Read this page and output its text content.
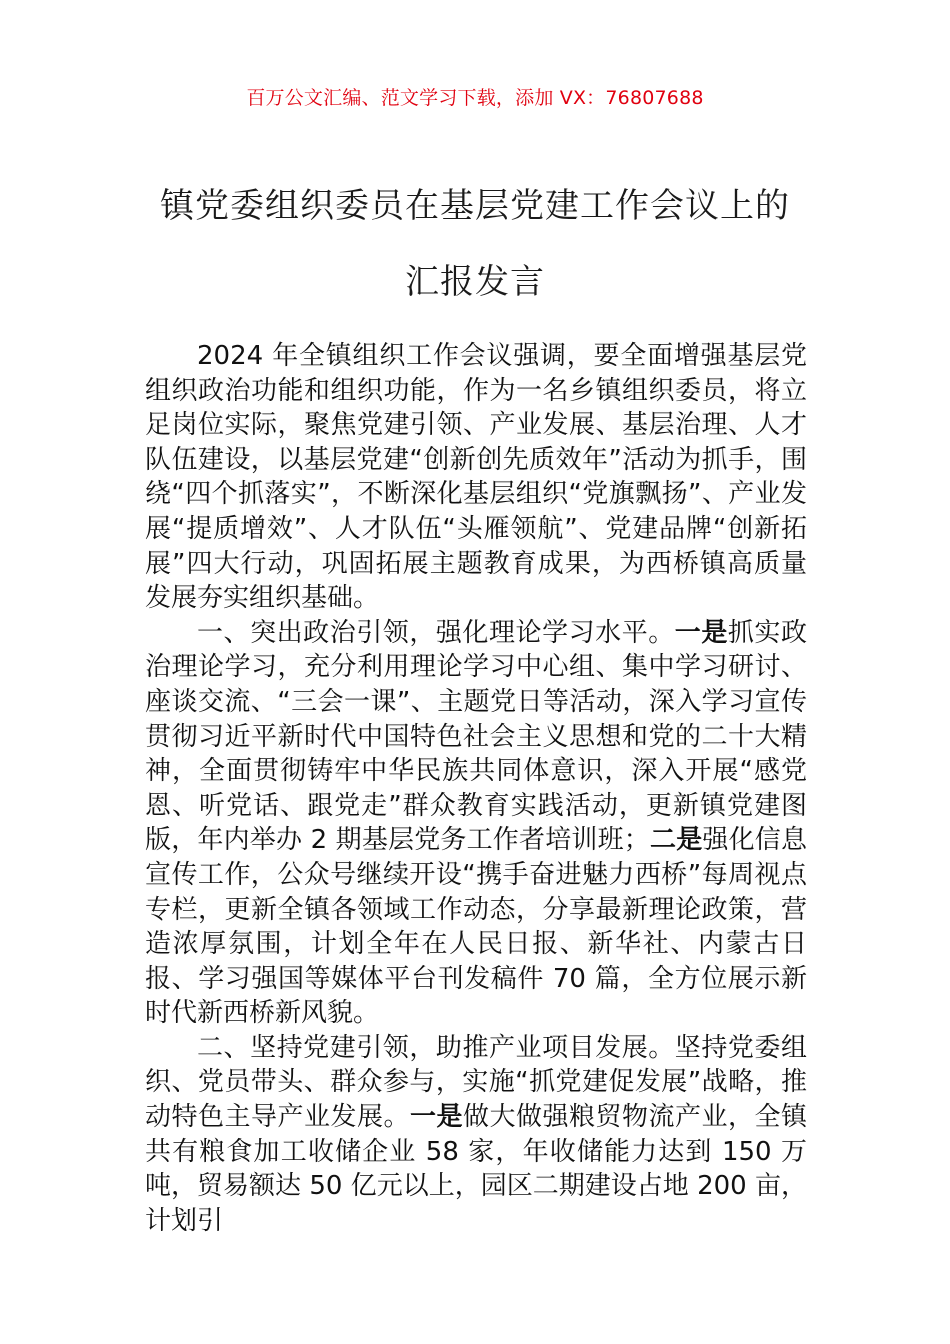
百万公文汇编、范文学习下载，添加 VX：76807688
镇党委组织委员在基层党建工作会议上的
汇报发言

2024 年全镇组织工作会议强调，要全面增强基层党组织政治功能和组织功能，作为一名乡镇组织委员，将立足岗位实际，聚焦党建引领、产业发展、基层治理、人才队伍建设，以基层党建“创新创先质效年”活动为抓手，围绕“四个抓落实”，不断深化基层组织“党旗飘扬”、产业发展“提质增效”、人才队伍“头雁领航”、党建品牌“创新拓展”四大行动，巩固拓展主题教育成果，为西桥镇高质量发展夯实组织基础。

一、突出政治引领，强化理论学习水平。一是抓实政治理论学习，充分利用理论学习中心组、集中学习研讨、座谈交流、“三会一课”、主题党日等活动，深入学习宣传贯彻习近平新时代中国特色社会主义思想和党的二十大精神，全面贯彻铸牢中华民族共同体意识，深入开展“感党恩、听党话、跟党走”群众教育实践活动，更新镇党建图版，年内举办 2 期基层党务工作者培训班；二是强化信息宣传工作，公众号继续开设“携手奋进魅力西桥”每周视点专栏，更新全镇各领域工作动态，分享最新理论政策，营造浓厚氛围，计划全年在人民日报、新华社、内蒙古日报、学习强国等媒体平台刊发稿件 70 篇，全方位展示新时代新西桥新风貌。

二、坚持党建引领，助推产业项目发展。坚持党委组织、党员带头、群众参与，实施“抓党建促发展”战略，推动特色主导产业发展。一是做大做强粮贸物流产业，全镇共有粮食加工收储企业 58 家，年收储能力达到 150 万吨，贸易额达 50 亿元以上，园区二期建设占地 200 亩，计划引
